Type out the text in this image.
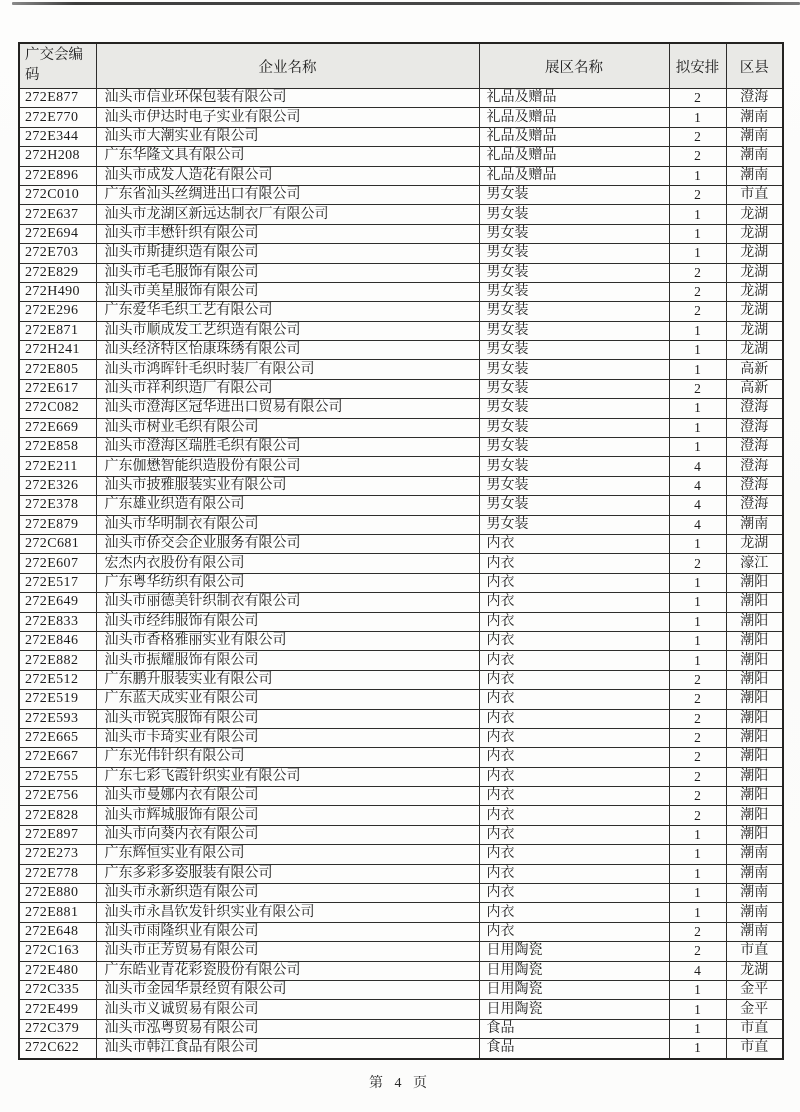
广交会编码	企业名称	展区名称	拟安排	区县
272E877	汕头市信业环保包装有限公司	礼品及赠品	2	澄海
272E770	汕头市伊达时电子实业有限公司	礼品及赠品	1	潮南
272E344	汕头市大潮实业有限公司	礼品及赠品	2	潮南
272H208	广东华隆文具有限公司	礼品及赠品	2	潮南
272E896	汕头市成发人造花有限公司	礼品及赠品	1	潮南
272C010	广东省汕头丝绸进出口有限公司	男女装	2	市直
272E637	汕头市龙湖区新远达制衣厂有限公司	男女装	1	龙湖
272E694	汕头市丰懋针织有限公司	男女装	1	龙湖
272E703	汕头市斯捷织造有限公司	男女装	1	龙湖
272E829	汕头市毛毛服饰有限公司	男女装	2	龙湖
272H490	汕头市美星服饰有限公司	男女装	2	龙湖
272E296	广东爱华毛织工艺有限公司	男女装	2	龙湖
272E871	汕头市顺成发工艺织造有限公司	男女装	1	龙湖
272H241	汕头经济特区怡康珠绣有限公司	男女装	1	龙湖
272E805	汕头市鸿晖针毛织时装厂有限公司	男女装	1	高新
272E617	汕头市祥利织造厂有限公司	男女装	2	高新
272C082	汕头市澄海区冠华进出口贸易有限公司	男女装	1	澄海
272E669	汕头市树业毛织有限公司	男女装	1	澄海
272E858	汕头市澄海区瑞胜毛织有限公司	男女装	1	澄海
272E211	广东伽懋智能织造股份有限公司	男女装	4	澄海
272E326	汕头市披雅服装实业有限公司	男女装	4	澄海
272E378	广东雄业织造有限公司	男女装	4	澄海
272E879	汕头市华明制衣有限公司	男女装	4	潮南
272C681	汕头市侨交会企业服务有限公司	内衣	1	龙湖
272E607	宏杰内衣股份有限公司	内衣	2	濠江
272E517	广东粤华纺织有限公司	内衣	1	潮阳
272E649	汕头市丽德美针织制衣有限公司	内衣	1	潮阳
272E833	汕头市经纬服饰有限公司	内衣	1	潮阳
272E846	汕头市香格雅丽实业有限公司	内衣	1	潮阳
272E882	汕头市振耀服饰有限公司	内衣	1	潮阳
272E512	广东鹏升服装实业有限公司	内衣	2	潮阳
272E519	广东蓝天成实业有限公司	内衣	2	潮阳
272E593	汕头市锐宾服饰有限公司	内衣	2	潮阳
272E665	汕头市卡琦实业有限公司	内衣	2	潮阳
272E667	广东光伟针织有限公司	内衣	2	潮阳
272E755	广东七彩飞霞针织实业有限公司	内衣	2	潮阳
272E756	汕头市曼娜内衣有限公司	内衣	2	潮阳
272E828	汕头市辉城服饰有限公司	内衣	2	潮阳
272E897	汕头市向葵内衣有限公司	内衣	1	潮阳
272E273	广东辉恒实业有限公司	内衣	1	潮南
272E778	广东多彩多姿服装有限公司	内衣	1	潮南
272E880	汕头市永新织造有限公司	内衣	1	潮南
272E881	汕头市永昌钦发针织实业有限公司	内衣	1	潮南
272E648	汕头市雨隆织业有限公司	内衣	2	潮南
272C163	汕头市正芳贸易有限公司	日用陶瓷	2	市直
272E480	广东皓业青花彩瓷股份有限公司	日用陶瓷	4	龙湖
272C335	汕头市金园华景经贸有限公司	日用陶瓷	1	金平
272E499	汕头市义诚贸易有限公司	日用陶瓷	1	金平
272C379	汕头市泓粤贸易有限公司	食品	1	市直
272C622	汕头市韩江食品有限公司	食品	1	市直
第 4 页
